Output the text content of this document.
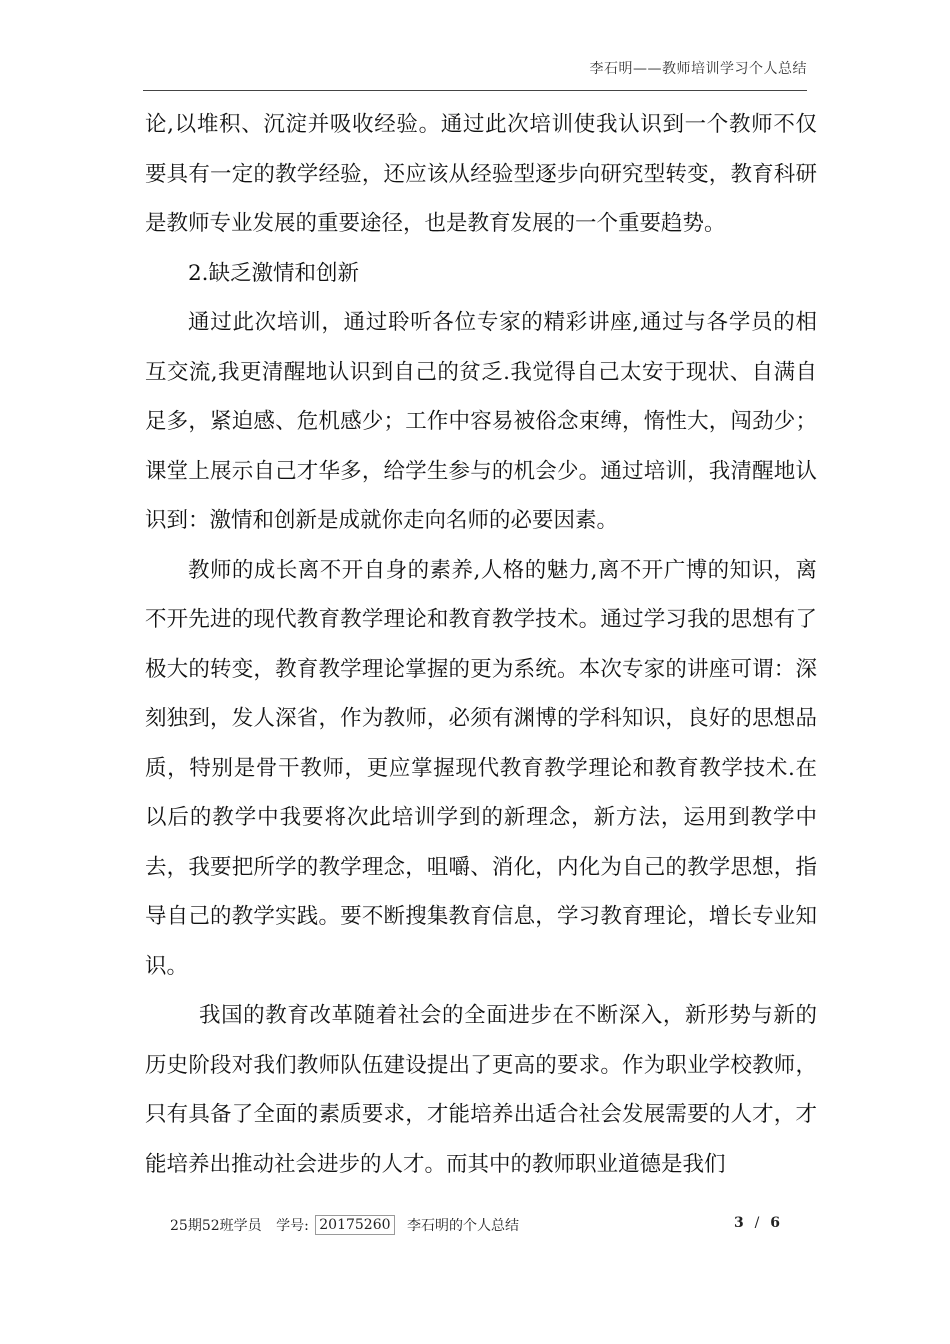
李石明——教师培训学习个人总结

论,以堆积、沉淀并吸收经验。通过此次培训使我认识到一个教师不仅要具有一定的教学经验，还应该从经验型逐步向研究型转变，教育科研是教师专业发展的重要途径，也是教育发展的一个重要趋势。

2.缺乏激情和创新

通过此次培训，通过聆听各位专家的精彩讲座,通过与各学员的相互交流,我更清醒地认识到自己的贫乏.我觉得自己太安于现状、自满自足多，紧迫感、危机感少；工作中容易被俗念束缚，惰性大，闯劲少；课堂上展示自己才华多，给学生参与的机会少。通过培训，我清醒地认识到：激情和创新是成就你走向名师的必要因素。

教师的成长离不开自身的素养,人格的魅力,离不开广博的知识，离不开先进的现代教育教学理论和教育教学技术。通过学习我的思想有了极大的转变，教育教学理论掌握的更为系统。本次专家的讲座可谓：深刻独到，发人深省，作为教师，必须有渊博的学科知识，良好的思想品质，特别是骨干教师，更应掌握现代教育教学理论和教育教学技术.在以后的教学中我要将次此培训学到的新理念，新方法，运用到教学中去，我要把所学的教学理念，咀嚼、消化，内化为自己的教学思想，指导自己的教学实践。要不断搜集教育信息，学习教育理论，增长专业知识。

我国的教育改革随着社会的全面进步在不断深入，新形势与新的历史阶段对我们教师队伍建设提出了更高的要求。作为职业学校教师，只有具备了全面的素质要求，才能培养出适合社会发展需要的人才，才能培养出推动社会进步的人才。而其中的教师职业道德是我们

25期52班学员 学号: 20175260 李石明的个人总结	3 / 6
